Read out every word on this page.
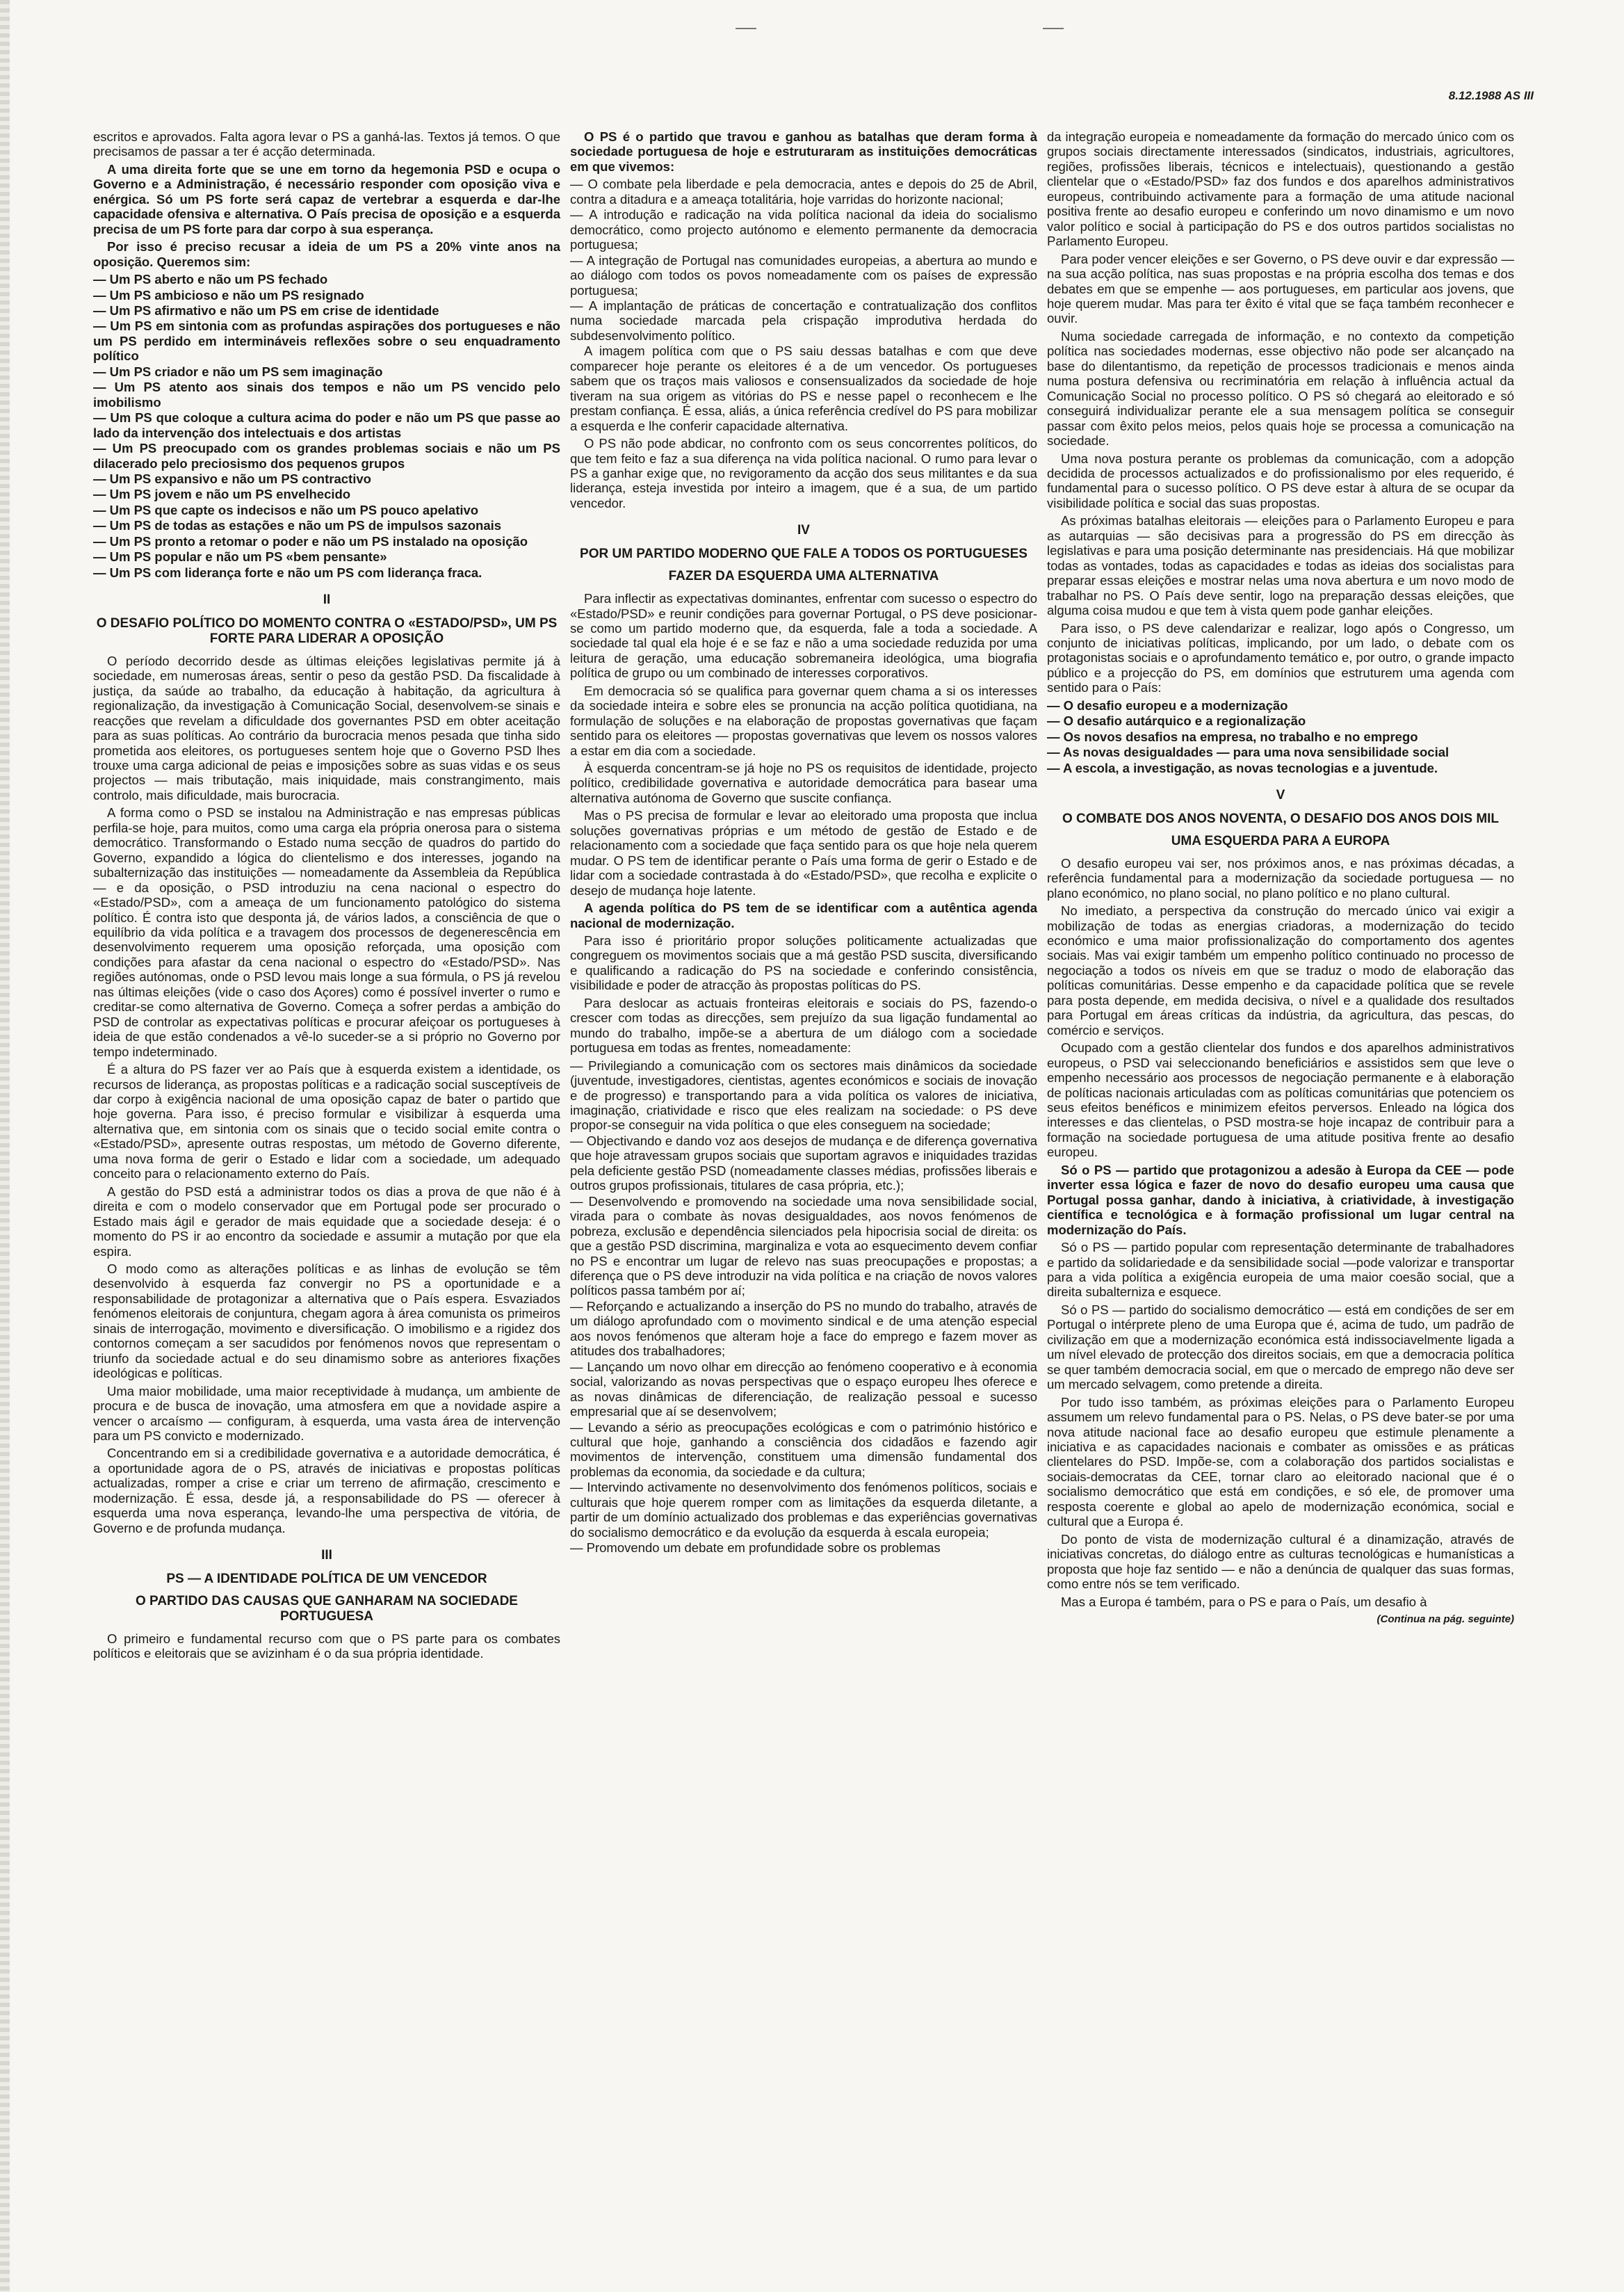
8.12.1988 AS III

escritos e aprovados. Falta agora levar o PS a ganhá-las. Textos já temos. O que precisamos de passar a ter é acção determinada.

A uma direita forte que se une em torno da hegemonia PSD e ocupa o Governo e a Administração, é necessário responder com oposição viva e enérgica. Só um PS forte será capaz de vertebrar a esquerda e dar-lhe capacidade ofensiva e alternativa. O País precisa de oposição e a esquerda precisa de um PS forte para dar corpo à sua esperança.

Por isso é preciso recusar a ideia de um PS a 20% vinte anos na oposição. Queremos sim:

— Um PS aberto e não um PS fechado

— Um PS ambicioso e não um PS resignado

— Um PS afirmativo e não um PS em crise de identidade

— Um PS em sintonia com as profundas aspirações dos portugueses e não um PS perdido em intermináveis reflexões sobre o seu enquadramento político

— Um PS criador e não um PS sem imaginação

— Um PS atento aos sinais dos tempos e não um PS vencido pelo imobilismo

— Um PS que coloque a cultura acima do poder e não um PS que passe ao lado da intervenção dos intelectuais e dos artistas

— Um PS preocupado com os grandes problemas sociais e não um PS dilacerado pelo preciosismo dos pequenos grupos

— Um PS expansivo e não um PS contractivo

— Um PS jovem e não um PS envelhecido

— Um PS que capte os indecisos e não um PS pouco apelativo

— Um PS de todas as estações e não um PS de impulsos sazonais

— Um PS pronto a retomar o poder e não um PS instalado na oposição

— Um PS popular e não um PS «bem pensante»

— Um PS com liderança forte e não um PS com liderança fraca.

II
O DESAFIO POLÍTICO DO MOMENTO CONTRA O «ESTADO/PSD», UM PS FORTE PARA LIDERAR A OPOSIÇÃO

O período decorrido desde as últimas eleições legislativas permite já à sociedade, em numerosas áreas, sentir o peso da gestão PSD. Da fiscalidade à justiça, da saúde ao trabalho, da educação à habitação, da agricultura à regionalização, da investigação à Comunicação Social, desenvolvem-se sinais e reacções que revelam a dificuldade dos governantes PSD em obter aceitação para as suas políticas. Ao contrário da burocracia menos pesada que tinha sido prometida aos eleitores, os portugueses sentem hoje que o Governo PSD lhes trouxe uma carga adicional de peias e imposições sobre as suas vidas e os seus projectos — mais tributação, mais iniquidade, mais constrangimento, mais controlo, mais dificuldade, mais burocracia.

A forma como o PSD se instalou na Administração e nas empresas públicas perfila-se hoje, para muitos, como uma carga ela própria onerosa para o sistema democrático. Transformando o Estado numa secção de quadros do partido do Governo, expandido a lógica do clientelismo e dos interesses, jogando na subalternização das instituições — nomeadamente da Assembleia da República — e da oposição, o PSD introduziu na cena nacional o espectro do «Estado/PSD», com a ameaça de um funcionamento patológico do sistema político. É contra isto que desponta já, de vários lados, a consciência de que o equilíbrio da vida política e a travagem dos processos de degenerescência em desenvolvimento requerem uma oposição reforçada, uma oposição com condições para afastar da cena nacional o espectro do «Estado/PSD». Nas regiões autónomas, onde o PSD levou mais longe a sua fórmula, o PS já revelou nas últimas eleições (vide o caso dos Açores) como é possível inverter o rumo e creditar-se como alternativa de Governo. Começa a sofrer perdas a ambição do PSD de controlar as expectativas políticas e procurar afeiçoar os portugueses à ideia de que estão condenados a vê-lo suceder-se a si próprio no Governo por tempo indeterminado.

É a altura do PS fazer ver ao País que à esquerda existem a identidade, os recursos de liderança, as propostas políticas e a radicação social susceptíveis de dar corpo à exigência nacional de uma oposição capaz de bater o partido que hoje governa. Para isso, é preciso formular e visibilizar à esquerda uma alternativa que, em sintonia com os sinais que o tecido social emite contra o «Estado/PSD», apresente outras respostas, um método de Governo diferente, uma nova forma de gerir o Estado e lidar com a sociedade, um adequado conceito para o relacionamento externo do País.

A gestão do PSD está a administrar todos os dias a prova de que não é à direita e com o modelo conservador que em Portugal pode ser procurado o Estado mais ágil e gerador de mais equidade que a sociedade deseja: é o momento do PS ir ao encontro da sociedade e assumir a mutação por que ela espira.

O modo como as alterações políticas e as linhas de evolução se têm desenvolvido à esquerda faz convergir no PS a oportunidade e a responsabilidade de protagonizar a alternativa que o País espera. Esvaziados fenómenos eleitorais de conjuntura, chegam agora à área comunista os primeiros sinais de interrogação, movimento e diversificação. O imobilismo e a rigidez dos contornos começam a ser sacudidos por fenómenos novos que representam o triunfo da sociedade actual e do seu dinamismo sobre as anteriores fixações ideológicas e políticas.

Uma maior mobilidade, uma maior receptividade à mudança, um ambiente de procura e de busca de inovação, uma atmosfera em que a novidade aspire a vencer o arcaísmo — configuram, à esquerda, uma vasta área de intervenção para um PS convicto e modernizado.

Concentrando em si a credibilidade governativa e a autoridade democrática, é a oportunidade agora de o PS, através de iniciativas e propostas políticas actualizadas, romper a crise e criar um terreno de afirmação, crescimento e modernização. É essa, desde já, a responsabilidade do PS — oferecer à esquerda uma nova esperança, levando-lhe uma perspectiva de vitória, de Governo e de profunda mudança.

III
PS — A IDENTIDADE POLÍTICA DE UM VENCEDOR
O PARTIDO DAS CAUSAS QUE GANHARAM NA SOCIEDADE PORTUGUESA

O primeiro e fundamental recurso com que o PS parte para os combates políticos e eleitorais que se avizinham é o da sua própria identidade.

O PS é o partido que travou e ganhou as batalhas que deram forma à sociedade portuguesa de hoje e estruturaram as instituições democráticas em que vivemos:

— O combate pela liberdade e pela democracia, antes e depois do 25 de Abril, contra a ditadura e a ameaça totalitária, hoje varridas do horizonte nacional;

— A introdução e radicação na vida política nacional da ideia do socialismo democrático, como projecto autónomo e elemento permanente da democracia portuguesa;

— A integração de Portugal nas comunidades europeias, a abertura ao mundo e ao diálogo com todos os povos nomeadamente com os países de expressão portuguesa;

— A implantação de práticas de concertação e contratualização dos conflitos numa sociedade marcada pela crispação improdutiva herdada do subdesenvolvimento político.

A imagem política com que o PS saiu dessas batalhas e com que deve comparecer hoje perante os eleitores é a de um vencedor. Os portugueses sabem que os traços mais valiosos e consensualizados da sociedade de hoje tiveram na sua origem as vitórias do PS e nesse papel o reconhecem e lhe prestam confiança. É essa, aliás, a única referência credível do PS para mobilizar a esquerda e lhe conferir capacidade alternativa.

O PS não pode abdicar, no confronto com os seus concorrentes políticos, do que tem feito e faz a sua diferença na vida política nacional. O rumo para levar o PS a ganhar exige que, no revigoramento da acção dos seus militantes e da sua liderança, esteja investida por inteiro a imagem, que é a sua, de um partido vencedor.

IV
POR UM PARTIDO MODERNO QUE FALE A TODOS OS PORTUGUESES
FAZER DA ESQUERDA UMA ALTERNATIVA

Para inflectir as expectativas dominantes, enfrentar com sucesso o espectro do «Estado/PSD» e reunir condições para governar Portugal, o PS deve posicionar-se como um partido moderno que, da esquerda, fale a toda a sociedade. A sociedade tal qual ela hoje é e se faz e não a uma sociedade reduzida por uma leitura de geração, uma educação sobremaneira ideológica, uma biografia política de grupo ou um combinado de interesses corporativos.

Em democracia só se qualifica para governar quem chama a si os interesses da sociedade inteira e sobre eles se pronuncia na acção política quotidiana, na formulação de soluções e na elaboração de propostas governativas que façam sentido para os eleitores — propostas governativas que levem os nossos valores a estar em dia com a sociedade.

À esquerda concentram-se já hoje no PS os requisitos de identidade, projecto político, credibilidade governativa e autoridade democrática para basear uma alternativa autónoma de Governo que suscite confiança.

Mas o PS precisa de formular e levar ao eleitorado uma proposta que inclua soluções governativas próprias e um método de gestão de Estado e de relacionamento com a sociedade que faça sentido para os que hoje nela querem mudar. O PS tem de identificar perante o País uma forma de gerir o Estado e de lidar com a sociedade contrastada à do «Estado/PSD», que recolha e explicite o desejo de mudança hoje latente.

A agenda política do PS tem de se identificar com a autêntica agenda nacional de modernização.

Para isso é prioritário propor soluções politicamente actualizadas que congreguem os movimentos sociais que a má gestão PSD suscita, diversificando e qualificando a radicação do PS na sociedade e conferindo consistência, visibilidade e poder de atracção às propostas políticas do PS.

Para deslocar as actuais fronteiras eleitorais e sociais do PS, fazendo-o crescer com todas as direcções, sem prejuízo da sua ligação fundamental ao mundo do trabalho, impõe-se a abertura de um diálogo com a sociedade portuguesa em todas as frentes, nomeadamente:

— Privilegiando a comunicação com os sectores mais dinâmicos da sociedade (juventude, investigadores, cientistas, agentes económicos e sociais de inovação e de progresso) e transportando para a vida política os valores de iniciativa, imaginação, criatividade e risco que eles realizam na sociedade: o PS deve propor-se conseguir na vida política o que eles conseguem na sociedade;

— Objectivando e dando voz aos desejos de mudança e de diferença governativa que hoje atravessam grupos sociais que suportam agravos e iniquidades trazidas pela deficiente gestão PSD (nomeadamente classes médias, profissões liberais e outros grupos profissionais, titulares de casa própria, etc.);

— Desenvolvendo e promovendo na sociedade uma nova sensibilidade social, virada para o combate às novas desigualdades, aos novos fenómenos de pobreza, exclusão e dependência silenciados pela hipocrisia social de direita: os que a gestão PSD discrimina, marginaliza e vota ao esquecimento devem confiar no PS e encontrar um lugar de relevo nas suas preocupações e propostas; a diferença que o PS deve introduzir na vida política e na criação de novos valores políticos passa também por aí;

— Reforçando e actualizando a inserção do PS no mundo do trabalho, através de um diálogo aprofundado com o movimento sindical e de uma atenção especial aos novos fenómenos que alteram hoje a face do emprego e fazem mover as atitudes dos trabalhadores;

— Lançando um novo olhar em direcção ao fenómeno cooperativo e à economia social, valorizando as novas perspectivas que o espaço europeu lhes oferece e as novas dinâmicas de diferenciação, de realização pessoal e sucesso empresarial que aí se desenvolvem;

— Levando a sério as preocupações ecológicas e com o património histórico e cultural que hoje, ganhando a consciência dos cidadãos e fazendo agir movimentos de intervenção, constituem uma dimensão fundamental dos problemas da economia, da sociedade e da cultura;

— Intervindo activamente no desenvolvimento dos fenómenos políticos, sociais e culturais que hoje querem romper com as limitações da esquerda diletante, a partir de um domínio actualizado dos problemas e das experiências governativas do socialismo democrático e da evolução da esquerda à escala europeia;

— Promovendo um debate em profundidade sobre os problemas

da integração europeia e nomeadamente da formação do mercado único com os grupos sociais directamente interessados (sindicatos, industriais, agricultores, regiões, profissões liberais, técnicos e intelectuais), questionando a gestão clientelar que o «Estado/PSD» faz dos fundos e dos aparelhos administrativos europeus, contribuindo activamente para a formação de uma atitude nacional positiva frente ao desafio europeu e conferindo um novo dinamismo e um novo valor político e social à participação do PS e dos outros partidos socialistas no Parlamento Europeu.

Para poder vencer eleições e ser Governo, o PS deve ouvir e dar expressão — na sua acção política, nas suas propostas e na própria escolha dos temas e dos debates em que se empenhe — aos portugueses, em particular aos jovens, que hoje querem mudar. Mas para ter êxito é vital que se faça também reconhecer e ouvir.

Numa sociedade carregada de informação, e no contexto da competição política nas sociedades modernas, esse objectivo não pode ser alcançado na base do dilentantismo, da repetição de processos tradicionais e menos ainda numa postura defensiva ou recriminatória em relação à influência actual da Comunicação Social no processo político. O PS só chegará ao eleitorado e só conseguirá individualizar perante ele a sua mensagem política se conseguir passar com êxito pelos meios, pelos quais hoje se processa a comunicação na sociedade.

Uma nova postura perante os problemas da comunicação, com a adopção decidida de processos actualizados e do profissionalismo por eles requerido, é fundamental para o sucesso político. O PS deve estar à altura de se ocupar da visibilidade política e social das suas propostas.

As próximas batalhas eleitorais — eleições para o Parlamento Europeu e para as autarquias — são decisivas para a progressão do PS em direcção às legislativas e para uma posição determinante nas presidenciais. Há que mobilizar todas as vontades, todas as capacidades e todas as ideias dos socialistas para preparar essas eleições e mostrar nelas uma nova abertura e um novo modo de trabalhar no PS. O País deve sentir, logo na preparação dessas eleições, que alguma coisa mudou e que tem à vista quem pode ganhar eleições.

Para isso, o PS deve calendarizar e realizar, logo após o Congresso, um conjunto de iniciativas políticas, implicando, por um lado, o debate com os protagonistas sociais e o aprofundamento temático e, por outro, o grande impacto público e a projecção do PS, em domínios que estruturem uma agenda com sentido para o País:

— O desafio europeu e a modernização

— O desafio autárquico e a regionalização

— Os novos desafios na empresa, no trabalho e no emprego

— As novas desigualdades — para uma nova sensibilidade social

— A escola, a investigação, as novas tecnologias e a juventude.

V
O COMBATE DOS ANOS NOVENTA, O DESAFIO DOS ANOS DOIS MIL
UMA ESQUERDA PARA A EUROPA

O desafio europeu vai ser, nos próximos anos, e nas próximas décadas, a referência fundamental para a modernização da sociedade portuguesa — no plano económico, no plano social, no plano político e no plano cultural.

No imediato, a perspectiva da construção do mercado único vai exigir a mobilização de todas as energias criadoras, a modernização do tecido económico e uma maior profissionalização do comportamento dos agentes sociais. Mas vai exigir também um empenho político continuado no processo de negociação a todos os níveis em que se traduz o modo de elaboração das políticas comunitárias. Desse empenho e da capacidade política que se revele para posta depende, em medida decisiva, o nível e a qualidade dos resultados para Portugal em áreas críticas da indústria, da agricultura, das pescas, do comércio e serviços.

Ocupado com a gestão clientelar dos fundos e dos aparelhos administrativos europeus, o PSD vai seleccionando beneficiários e assistidos sem que leve o empenho necessário aos processos de negociação permanente e à elaboração de políticas nacionais articuladas com as políticas comunitárias que potenciem os seus efeitos benéficos e minimizem efeitos perversos. Enleado na lógica dos interesses e das clientelas, o PSD mostra-se hoje incapaz de contribuir para a formação na sociedade portuguesa de uma atitude positiva frente ao desafio europeu.

Só o PS — partido que protagonizou a adesão à Europa da CEE — pode inverter essa lógica e fazer de novo do desafio europeu uma causa que Portugal possa ganhar, dando à iniciativa, à criatividade, à investigação científica e tecnológica e à formação profissional um lugar central na modernização do País.

Só o PS — partido popular com representação determinante de trabalhadores e partido da solidariedade e da sensibilidade social —pode valorizar e transportar para a vida política a exigência europeia de uma maior coesão social, que a direita subalterniza e esquece.

Só o PS — partido do socialismo democrático — está em condições de ser em Portugal o intérprete pleno de uma Europa que é, acima de tudo, um padrão de civilização em que a modernização económica está indissociavelmente ligada a um nível elevado de protecção dos direitos sociais, em que a democracia política se quer também democracia social, em que o mercado de emprego não deve ser um mercado selvagem, como pretende a direita.

Por tudo isso também, as próximas eleições para o Parlamento Europeu assumem um relevo fundamental para o PS. Nelas, o PS deve bater-se por uma nova atitude nacional face ao desafio europeu que estimule plenamente a iniciativa e as capacidades nacionais e combater as omissões e as práticas clientelares do PSD. Impõe-se, com a colaboração dos partidos socialistas e sociais-democratas da CEE, tornar claro ao eleitorado nacional que é o socialismo democrático que está em condições, e só ele, de promover uma resposta coerente e global ao apelo de modernização económica, social e cultural que a Europa é.

Do ponto de vista de modernização cultural é a dinamização, através de iniciativas concretas, do diálogo entre as culturas tecnológicas e humanísticas a proposta que hoje faz sentido — e não a denúncia de qualquer das suas formas, como entre nós se tem verificado.

Mas a Europa é também, para o PS e para o País, um desafio à

(Continua na pág. seguinte)
